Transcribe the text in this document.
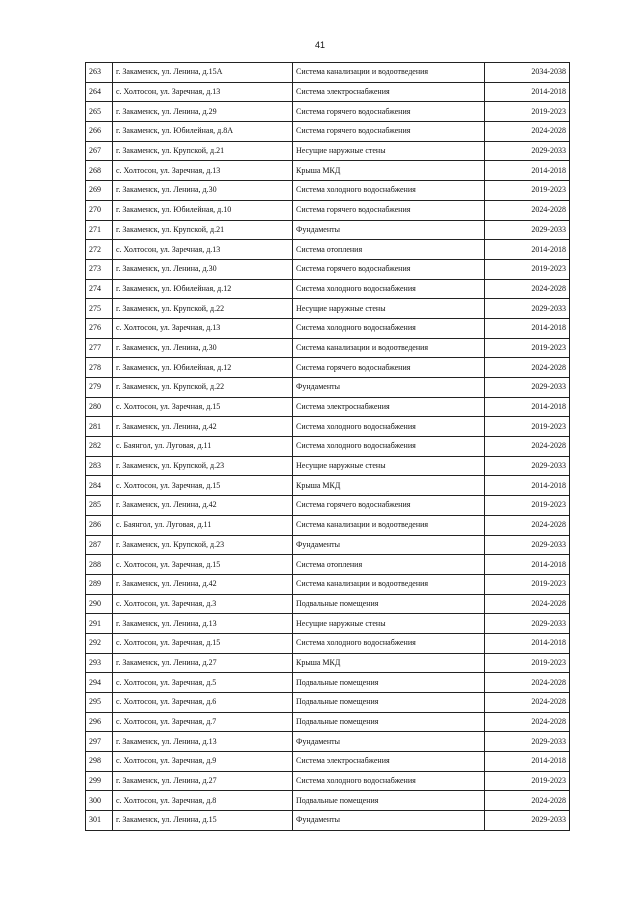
41
263	г. Закаменск, ул. Ленина, д.15А	Система канализации и водоотведения	2034-2038
264	с. Холтосон, ул. Заречная, д.13	Система электроснабжения	2014-2018
265	г. Закаменск, ул. Ленина, д.29	Система горячего водоснабжения	2019-2023
266	г. Закаменск, ул. Юбилейная, д.8А	Система горячего водоснабжения	2024-2028
267	г. Закаменск, ул. Крупской, д.21	Несущие наружные стены	2029-2033
268	с. Холтосон, ул. Заречная, д.13	Крыша МКД	2014-2018
269	г. Закаменск, ул. Ленина, д.30	Система холодного водоснабжения	2019-2023
270	г. Закаменск, ул. Юбилейная, д.10	Система горячего водоснабжения	2024-2028
271	г. Закаменск, ул. Крупской, д.21	Фундаменты	2029-2033
272	с. Холтосон, ул. Заречная, д.13	Система отопления	2014-2018
273	г. Закаменск, ул. Ленина, д.30	Система горячего водоснабжения	2019-2023
274	г. Закаменск, ул. Юбилейная, д.12	Система холодного водоснабжения	2024-2028
275	г. Закаменск, ул. Крупской, д.22	Несущие наружные стены	2029-2033
276	с. Холтосон, ул. Заречная, д.13	Система холодного водоснабжения	2014-2018
277	г. Закаменск, ул. Ленина, д.30	Система канализации и водоотведения	2019-2023
278	г. Закаменск, ул. Юбилейная, д.12	Система горячего водоснабжения	2024-2028
279	г. Закаменск, ул. Крупской, д.22	Фундаменты	2029-2033
280	с. Холтосон, ул. Заречная, д.15	Система электроснабжения	2014-2018
281	г. Закаменск, ул. Ленина, д.42	Система холодного водоснабжения	2019-2023
282	с. Баянгол, ул. Луговая, д.11	Система холодного водоснабжения	2024-2028
283	г. Закаменск, ул. Крупской, д.23	Несущие наружные стены	2029-2033
284	с. Холтосон, ул. Заречная, д.15	Крыша МКД	2014-2018
285	г. Закаменск, ул. Ленина, д.42	Система горячего водоснабжения	2019-2023
286	с. Баянгол, ул. Луговая, д.11	Система канализации и водоотведения	2024-2028
287	г. Закаменск, ул. Крупской, д.23	Фундаменты	2029-2033
288	с. Холтосон, ул. Заречная, д.15	Система отопления	2014-2018
289	г. Закаменск, ул. Ленина, д.42	Система канализации и водоотведения	2019-2023
290	с. Холтосон, ул. Заречная, д.3	Подвальные помещения	2024-2028
291	г. Закаменск, ул. Ленина, д.13	Несущие наружные стены	2029-2033
292	с. Холтосон, ул. Заречная, д.15	Система холодного водоснабжения	2014-2018
293	г. Закаменск, ул. Ленина, д.27	Крыша МКД	2019-2023
294	с. Холтосон, ул. Заречная, д.5	Подвальные помещения	2024-2028
295	с. Холтосон, ул. Заречная, д.6	Подвальные помещения	2024-2028
296	с. Холтосон, ул. Заречная, д.7	Подвальные помещения	2024-2028
297	г. Закаменск, ул. Ленина, д.13	Фундаменты	2029-2033
298	с. Холтосон, ул. Заречная, д.9	Система электроснабжения	2014-2018
299	г. Закаменск, ул. Ленина, д.27	Система холодного водоснабжения	2019-2023
300	с. Холтосон, ул. Заречная, д.8	Подвальные помещения	2024-2028
301	г. Закаменск, ул. Ленина, д.15	Фундаменты	2029-2033
